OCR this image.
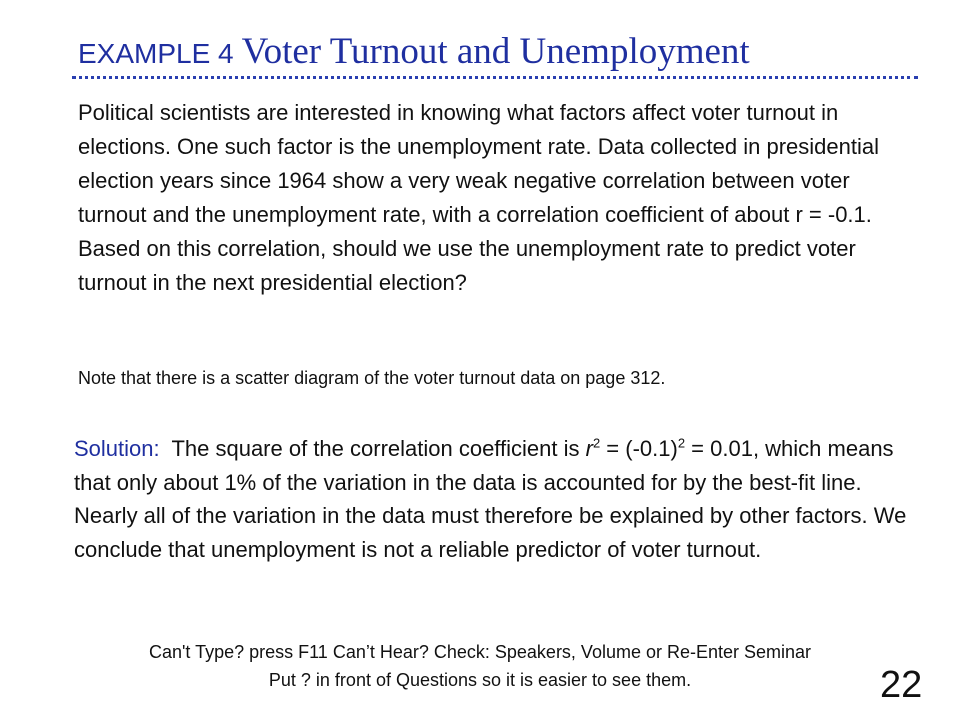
EXAMPLE 4 Voter Turnout and Unemployment
Political scientists are interested in knowing what factors affect voter turnout in elections. One such factor is the unemployment rate. Data collected in presidential election years since 1964 show a very weak negative correlation between voter turnout and the unemployment rate, with a correlation coefficient of about r = -0.1. Based on this correlation, should we use the unemployment rate to predict voter turnout in the next presidential election?
Note that there is a scatter diagram of the voter turnout data on page 312.
Solution:  The square of the correlation coefficient is $r^2 = (-0.1)^2 = 0.01$, which means that only about 1% of the variation in the data is accounted for by the best-fit line. Nearly all of the variation in the data must therefore be explained by other factors. We conclude that unemployment is not a reliable predictor of voter turnout.
Can't Type? press F11 Can’t Hear? Check: Speakers, Volume or Re-Enter Seminar
Put ? in front of Questions so it is easier to see them.	22
